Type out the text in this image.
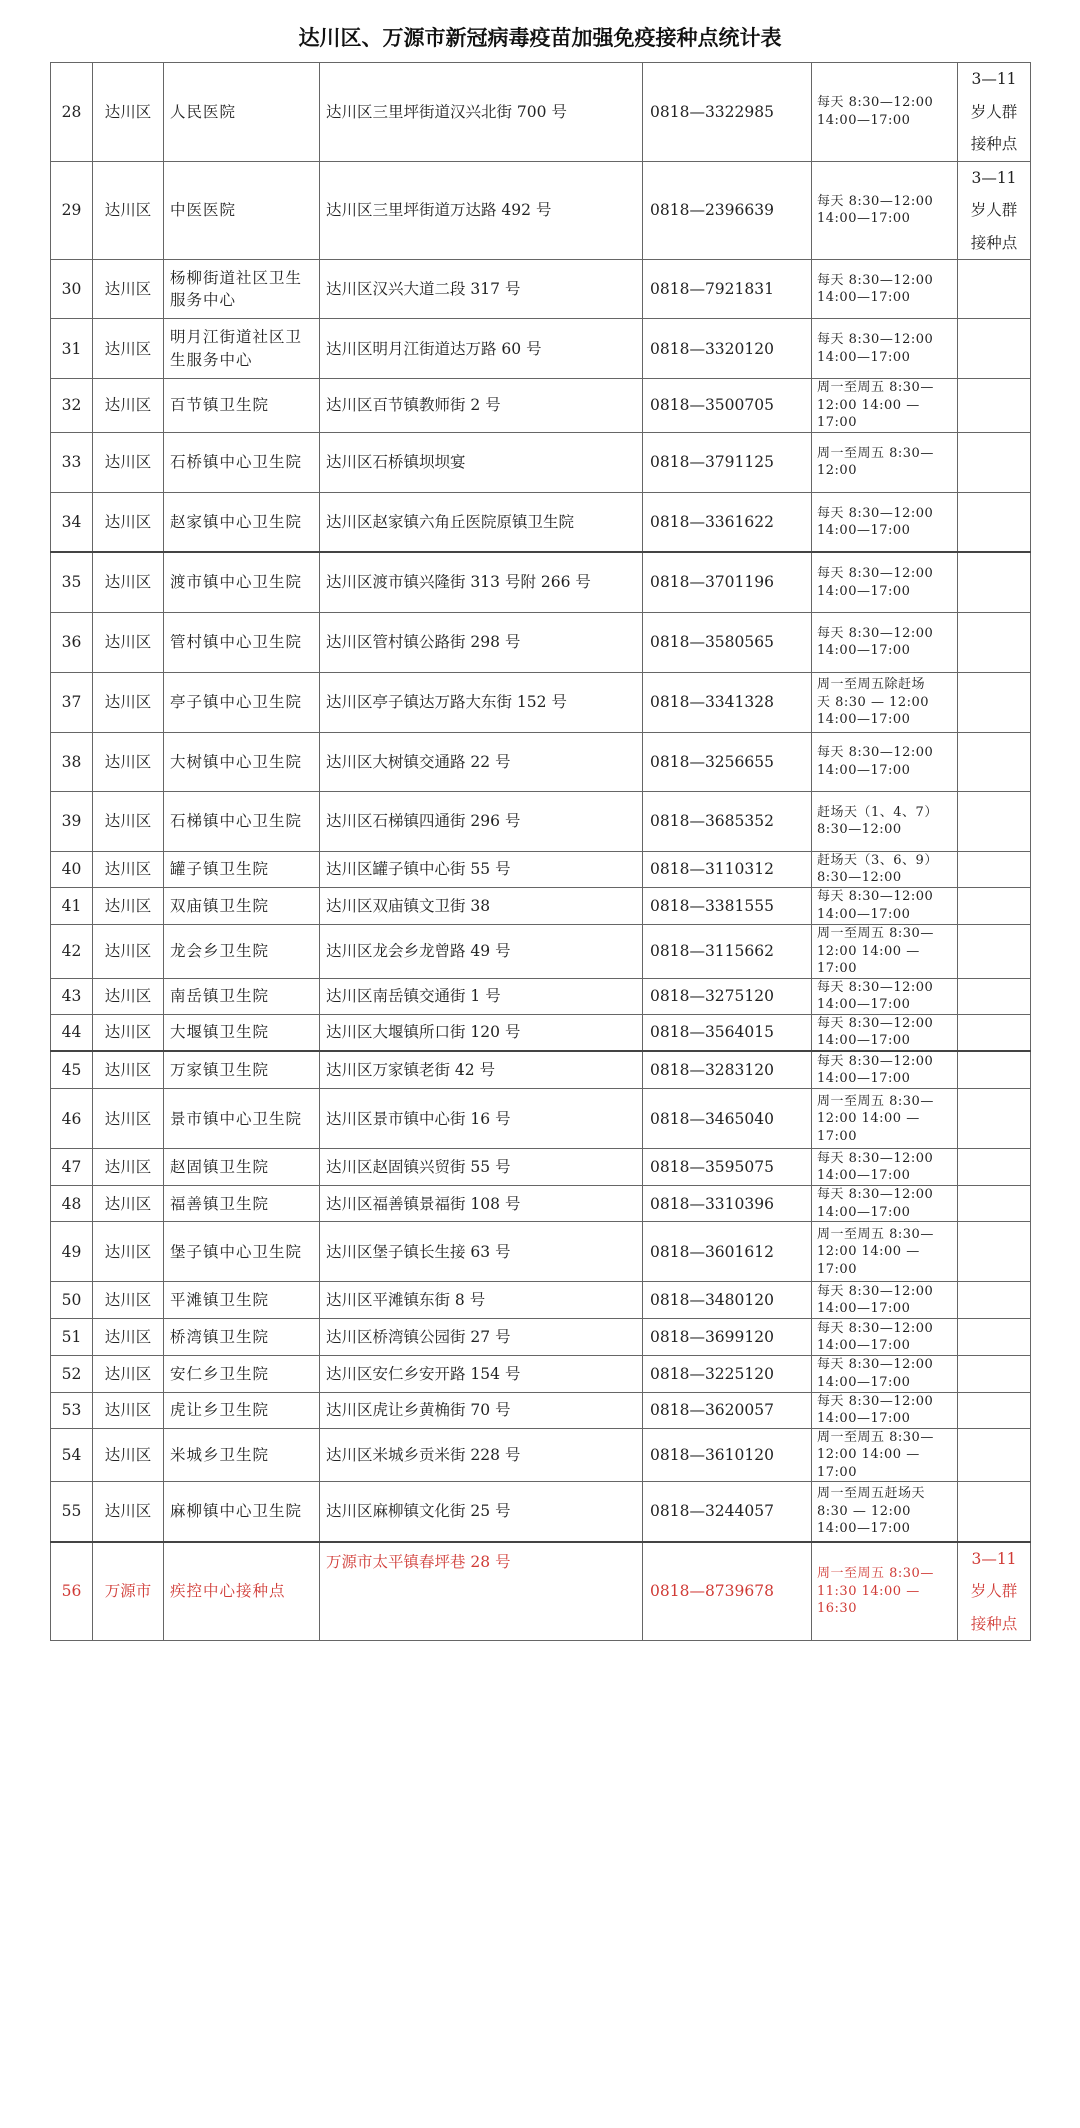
达川区、万源市新冠病毒疫苗加强免疫接种点统计表
28	达川区	人民医院	达川区三里坪街道汉兴北街 700 号	0818—3322985	每天 8:30—12:00
14:00—17:00	3—11
岁人群
接种点
29	达川区	中医医院	达川区三里坪街道万达路 492 号	0818—2396639	每天 8:30—12:00
14:00—17:00	3—11
岁人群
接种点
30	达川区	杨柳街道社区卫生服务中心	达川区汉兴大道二段 317 号	0818—7921831	每天 8:30—12:00
14:00—17:00	
31	达川区	明月江街道社区卫生服务中心	达川区明月江街道达万路 60 号	0818—3320120	每天 8:30—12:00
14:00—17:00	
32	达川区	百节镇卫生院	达川区百节镇教师街 2 号	0818—3500705	周一至周五 8:30—
12:00 14:00 —
17:00	
33	达川区	石桥镇中心卫生院	达川区石桥镇坝坝宴	0818—3791125	周一至周五 8:30—
12:00	
34	达川区	赵家镇中心卫生院	达川区赵家镇六角丘医院原镇卫生院	0818—3361622	每天 8:30—12:00
14:00—17:00	
35	达川区	渡市镇中心卫生院	达川区渡市镇兴隆街 313 号附 266 号	0818—3701196	每天 8:30—12:00
14:00—17:00	
36	达川区	管村镇中心卫生院	达川区管村镇公路街 298 号	0818—3580565	每天 8:30—12:00
14:00—17:00	
37	达川区	亭子镇中心卫生院	达川区亭子镇达万路大东街 152 号	0818—3341328	周一至周五除赶场
天 8:30 — 12:00
14:00—17:00	
38	达川区	大树镇中心卫生院	达川区大树镇交通路 22 号	0818—3256655	每天 8:30—12:00
14:00—17:00	
39	达川区	石梯镇中心卫生院	达川区石梯镇四通街 296 号	0818—3685352	赶场天（1、4、7）
8:30—12:00	
40	达川区	罐子镇卫生院	达川区罐子镇中心街 55 号	0818—3110312	赶场天（3、6、9）
8:30—12:00	
41	达川区	双庙镇卫生院	达川区双庙镇文卫街 38	0818—3381555	每天 8:30—12:00
14:00—17:00	
42	达川区	龙会乡卫生院	达川区龙会乡龙曾路 49 号	0818—3115662	周一至周五 8:30—
12:00 14:00 —
17:00	
43	达川区	南岳镇卫生院	达川区南岳镇交通街 1 号	0818—3275120	每天 8:30—12:00
14:00—17:00	
44	达川区	大堰镇卫生院	达川区大堰镇所口街 120 号	0818—3564015	每天 8:30—12:00
14:00—17:00	
45	达川区	万家镇卫生院	达川区万家镇老街 42 号	0818—3283120	每天 8:30—12:00
14:00—17:00	
46	达川区	景市镇中心卫生院	达川区景市镇中心街 16 号	0818—3465040	周一至周五 8:30—
12:00 14:00 —
17:00	
47	达川区	赵固镇卫生院	达川区赵固镇兴贸街 55 号	0818—3595075	每天 8:30—12:00
14:00—17:00	
48	达川区	福善镇卫生院	达川区福善镇景福街 108 号	0818—3310396	每天 8:30—12:00
14:00—17:00	
49	达川区	堡子镇中心卫生院	达川区堡子镇长生接 63 号	0818—3601612	周一至周五 8:30—
12:00 14:00 —
17:00	
50	达川区	平滩镇卫生院	达川区平滩镇东街 8 号	0818—3480120	每天 8:30—12:00
14:00—17:00	
51	达川区	桥湾镇卫生院	达川区桥湾镇公园街 27 号	0818—3699120	每天 8:30—12:00
14:00—17:00	
52	达川区	安仁乡卫生院	达川区安仁乡安开路 154 号	0818—3225120	每天 8:30—12:00
14:00—17:00	
53	达川区	虎让乡卫生院	达川区虎让乡黄桷街 70 号	0818—3620057	每天 8:30—12:00
14:00—17:00	
54	达川区	米城乡卫生院	达川区米城乡贡米街 228 号	0818—3610120	周一至周五 8:30—
12:00 14:00 —
17:00	
55	达川区	麻柳镇中心卫生院	达川区麻柳镇文化街 25 号	0818—3244057	周一至周五赶场天
8:30 — 12:00
14:00—17:00	
56	万源市	疾控中心接种点	万源市太平镇春坪巷 28 号	0818—8739678	周一至周五 8:30—
11:30 14:00 —
16:30	3—11
岁人群
接种点
